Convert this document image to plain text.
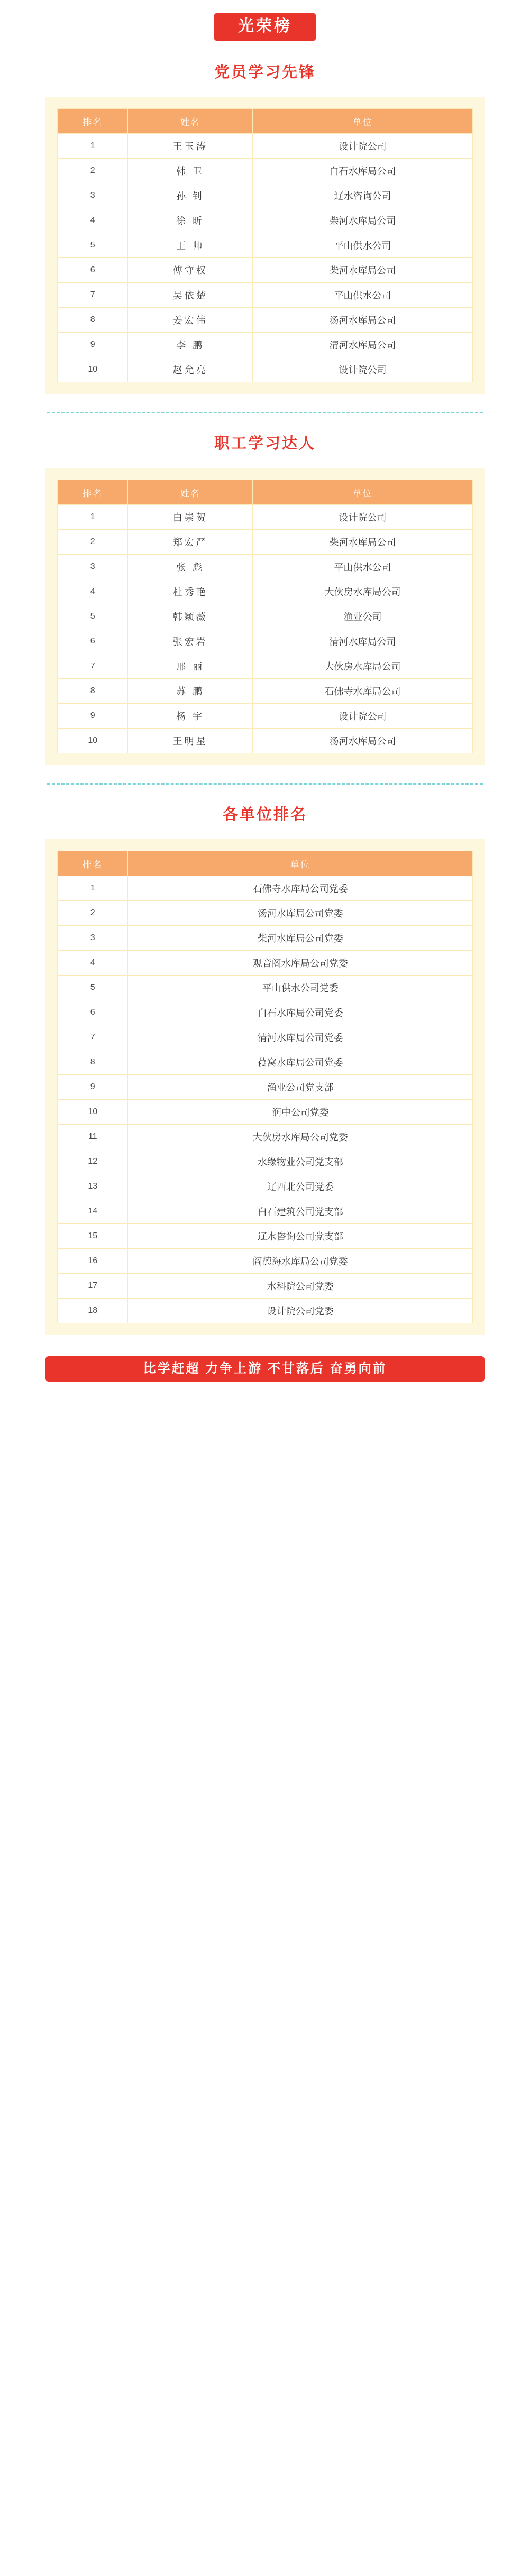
光荣榜
党员学习先锋
排名	姓名	单位
1	王玉涛	设计院公司
2	韩 卫	白石水库局公司
3	孙 钊	辽水咨询公司
4	徐 昕	柴河水库局公司
5	王 帅	平山供水公司
6	傅守权	柴河水库局公司
7	吴依楚	平山供水公司
8	姜宏伟	汤河水库局公司
9	李 鹏	清河水库局公司
10	赵允亮	设计院公司
职工学习达人
排名	姓名	单位
1	白崇贺	设计院公司
2	郑宏严	柴河水库局公司
3	张 彪	平山供水公司
4	杜秀艳	大伙房水库局公司
5	韩颖薇	渔业公司
6	张宏岩	清河水库局公司
7	邢 丽	大伙房水库局公司
8	苏 鹏	石佛寺水库局公司
9	杨 宇	设计院公司
10	王明星	汤河水库局公司
各单位排名
排名	单位
1	石佛寺水库局公司党委
2	汤河水库局公司党委
3	柴河水库局公司党委
4	观音阁水库局公司党委
5	平山供水公司党委
6	白石水库局公司党委
7	清河水库局公司党委
8	葠窝水库局公司党委
9	渔业公司党支部
10	润中公司党委
11	大伙房水库局公司党委
12	水缘物业公司党支部
13	辽西北公司党委
14	白石建筑公司党支部
15	辽水咨询公司党支部
16	阎德海水库局公司党委
17	水科院公司党委
18	设计院公司党委
比学赶超 力争上游 不甘落后 奋勇向前
